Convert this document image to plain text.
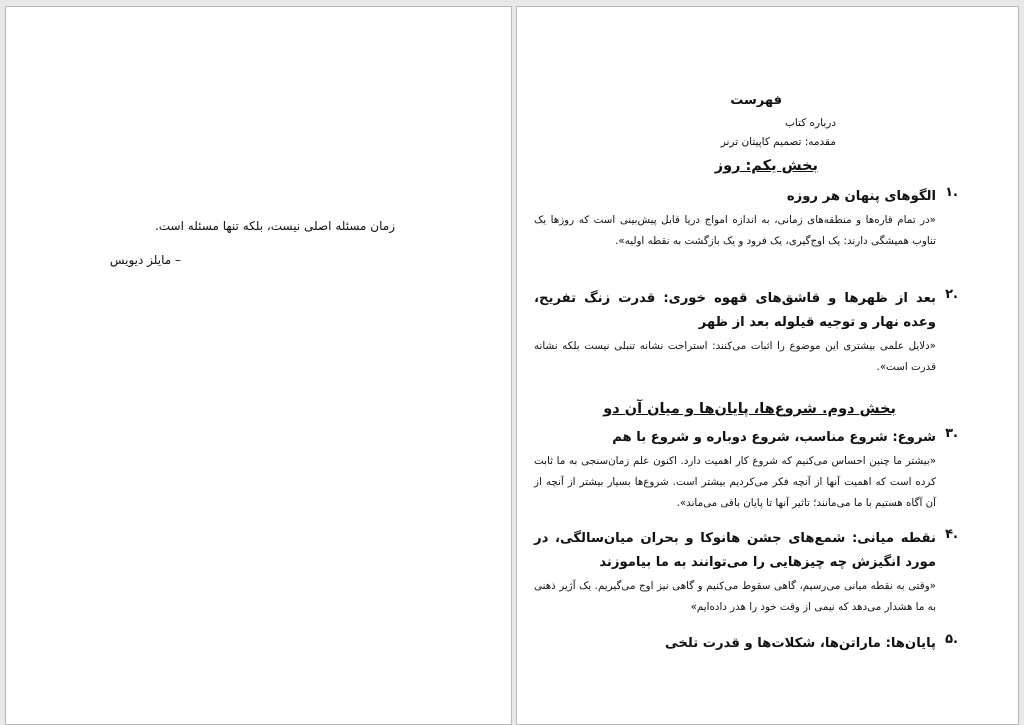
زمان مسئله اصلی نیست، بلکه تنها مسئله است.
– مایلز دیویس
فهرست
درباره کتاب
مقدمه: تصمیم کاپیتان ترنر
بخش یکم: روز
١.
الگوهای پنهان هر روزه
«در تمام قاره‌ها و منطقه‌های زمانی، به اندازه امواج دریا قابل پیش‌بینی است که روزها یک تناوب همیشگی دارند: یک اوج‌گیری، یک فرود و یک بازگشت به نقطه اولیه».
٢.
بعد از ظهرها و قاشق‌های قهوه خوری: قدرت زنگ تفریح، وعده نهار و توجیه قیلوله بعد از ظهر
«دلایل علمی بیشتری این موضوع را اثبات می‌کنند: استراحت نشانه تنبلی نیست بلکه نشانه قدرت است».
بخش دوم. شروع‌ها، پایان‌ها و میان آن دو
٣.
شروع: شروع مناسب، شروع دوباره و شروع با هم
«بیشتر ما چنین احساس می‌کنیم که شروع کار اهمیت دارد. اکنون علم زمان‌سنجی به ما ثابت کرده است که اهمیت آنها از آنچه فکر می‌کردیم بیشتر است. شروع‌ها بسیار بیشتر از آنچه از آن آگاه هستیم با ما می‌مانند؛ تاثیر آنها تا پایان باقی می‌ماند».
۴.
نقطه میانی: شمع‌های جشن هانوکا و بحران میان‌سالگی، در مورد انگیزش چه چیزهایی را می‌توانند به ما بیاموزند
«وقتی به نقطه میانی می‌رسیم، گاهی سقوط می‌کنیم و گاهی نیز اوج می‌گیریم. یک آژیر ذهنی به ما هشدار می‌دهد که نیمی از وقت خود را هدر داده‌ایم»
۵.
پایان‌ها: ماراتن‌ها، شکلات‌ها و قدرت تلخی
